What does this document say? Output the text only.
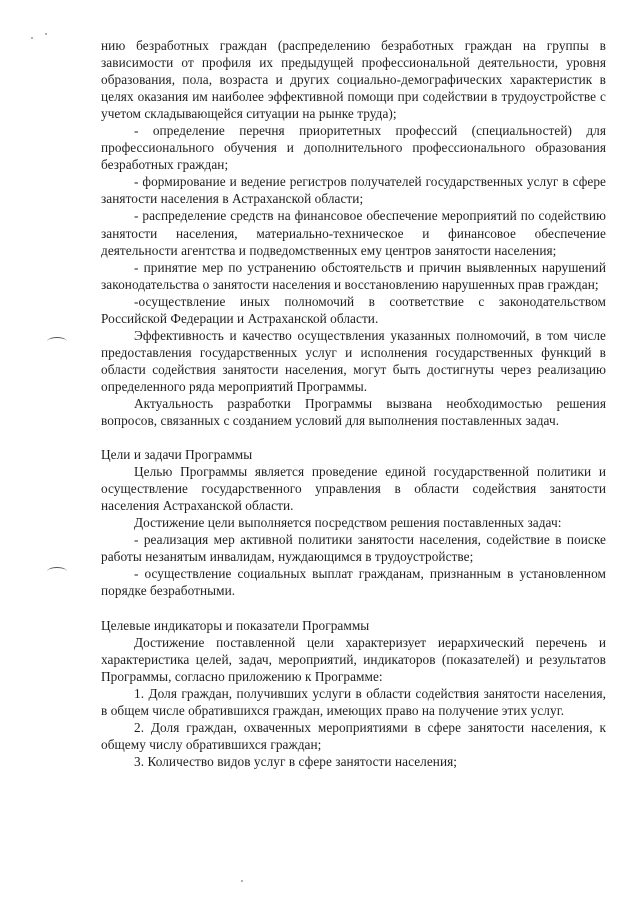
нию безработных граждан (распределению безработных граждан на группы в зависимости от профиля их предыдущей профессиональной деятельности, уровня образования, пола, возраста и других социально-демографических характеристик в целях оказания им наиболее эффективной помощи при содействии в трудоустройстве с учетом складывающейся ситуации на рынке труда);

- определение перечня приоритетных профессий (специальностей) для профессионального обучения и дополнительного профессионального образования безработных граждан;

- формирование и ведение регистров получателей государственных услуг в сфере занятости населения в Астраханской области;

- распределение средств на финансовое обеспечение мероприятий по содействию занятости населения, материально-техническое и финансовое обеспечение деятельности агентства и подведомственных ему центров занятости населения;

- принятие мер по устранению обстоятельств и причин выявленных нарушений законодательства о занятости населения и восстановлению нарушенных прав граждан;

-осуществление иных полномочий в соответствие с законодательством Российской Федерации и Астраханской области.

Эффективность и качество осуществления указанных полномочий, в том числе предоставления государственных услуг и исполнения государственных функций в области содействия занятости населения, могут быть достигнуты через реализацию определенного ряда мероприятий Программы.

Актуальность разработки Программы вызвана необходимостью решения вопросов, связанных с созданием условий для выполнения поставленных задач.

Цели и задачи Программы

Целью Программы является проведение единой государственной политики и осуществление государственного управления в области содействия занятости населения Астраханской области.

Достижение цели выполняется посредством решения поставленных задач:

- реализация мер активной политики занятости населения, содействие в поиске работы незанятым инвалидам, нуждающимся в трудоустройстве;

- осуществление социальных выплат гражданам, признанным в установленном порядке безработными.

Целевые индикаторы и показатели Программы

Достижение поставленной цели характеризует иерархический перечень и характеристика целей, задач, мероприятий, индикаторов (показателей) и результатов Программы, согласно приложению к Программе:

1. Доля граждан, получивших услуги в области содействия занятости населения, в общем числе обратившихся граждан, имеющих право на получение этих услуг.

2. Доля граждан, охваченных мероприятиями в сфере занятости населения, к общему числу обратившихся граждан;

3. Количество видов услуг в сфере занятости населения;
